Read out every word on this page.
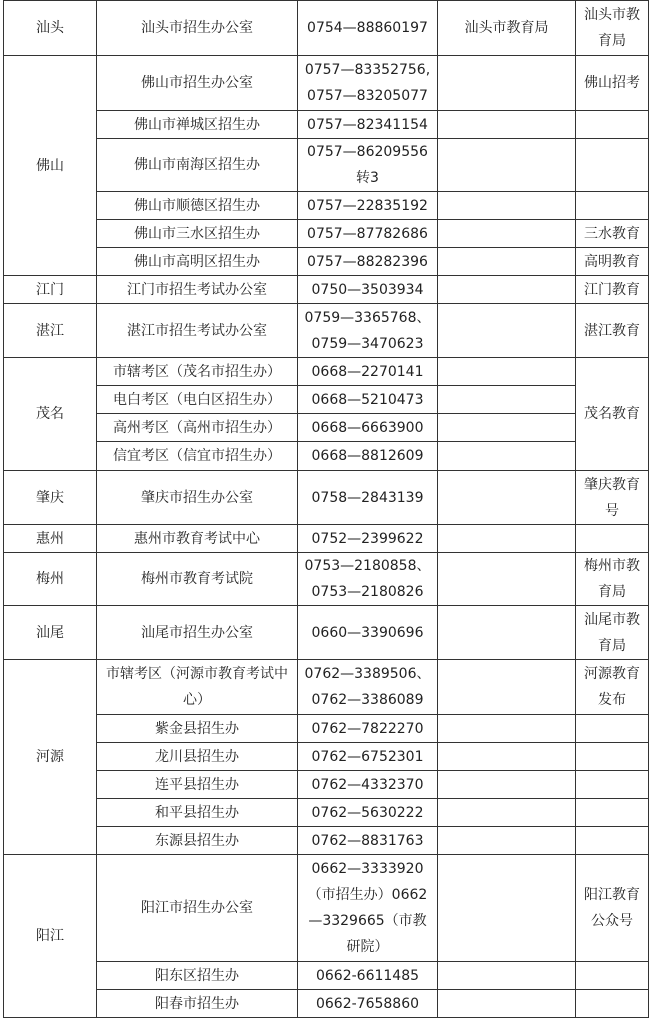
汕头	汕头市招生办公室	0754—88860197	汕头市教育局	汕头市教
育局
佛山	佛山市招生办公室	0757—83352756,
0757—83205077		佛山招考
	佛山市禅城区招生办	0757—82341154		
	佛山市南海区招生办	0757—86209556
转3		
	佛山市顺德区招生办	0757—22835192		
	佛山市三水区招生办	0757—87782686		三水教育
	佛山市高明区招生办	0757—88282396		高明教育
江门	江门市招生考试办公室	0750—3503934		江门教育
湛江	湛江市招生考试办公室	0759—3365768、
0759—3470623		湛江教育
茂名	市辖考区（茂名市招生办）	0668—2270141		茂名教育
	电白考区（电白区招生办）	0668—5210473		
	高州考区（高州市招生办）	0668—6663900		
	信宜考区（信宜市招生办）	0668—8812609		
肇庆	肇庆市招生办公室	0758—2843139		肇庆教育
号
惠州	惠州市教育考试中心	0752—2399622		
梅州	梅州市教育考试院	0753—2180858、
0753—2180826		梅州市教
育局
汕尾	汕尾市招生办公室	0660—3390696		汕尾市教
育局
河源	市辖考区（河源市教育考试中
心）	0762—3389506、
0762—3386089		河源教育
发布
	紫金县招生办	0762—7822270		
	龙川县招生办	0762—6752301		
	连平县招生办	0762—4332370		
	和平县招生办	0762—5630222		
	东源县招生办	0762—8831763		
阳江	阳江市招生办公室	0662—3333920
（市招生办）0662
—3329665（市教
研院）		阳江教育
公众号
	阳东区招生办	0662-6611485		
	阳春市招生办	0662-7658860		
